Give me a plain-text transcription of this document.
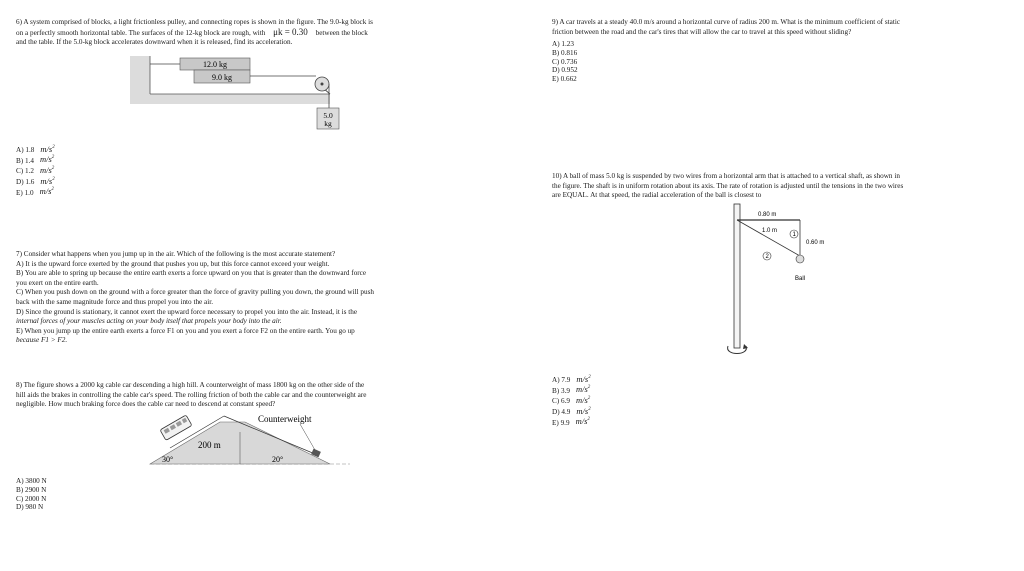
6) A system comprised of blocks, a light frictionless pulley, and connecting ropes is shown in the figure. The 9.0-kg block is

on a perfectly smooth horizontal table. The surfaces of the 12-kg block are rough, with μk = 0.30 between the block

and the table. If the 5.0-kg block accelerates downward when it is released, find its acceleration.

12.0 kg
9.0 kg
5.0
kg
A) 1.8 $m/s^2$
B) 1.4 $m/s^2$
C) 1.2 $m/s^2$
D) 1.6 $m/s^2$
E) 1.0 $m/s^2$

7) Consider what happens when you jump up in the air. Which of the following is the most accurate statement?

A) It is the upward force exerted by the ground that pushes you up, but this force cannot exceed your weight.

B) You are able to spring up because the entire earth exerts a force upward on you that is greater than the downward force

you exert on the entire earth.

C) When you push down on the ground with a force greater than the force of gravity pulling you down, the ground will push

back with the same magnitude force and thus propel you into the air.

D) Since the ground is stationary, it cannot exert the upward force necessary to propel you into the air. Instead, it is the

internal forces of your muscles acting on your body itself that propels your body into the air.

E) When you jump up the entire earth exerts a force F1 on you and you exert a force F2 on the entire earth. You go up

because F1 > F2.

8) The figure shows a 2000 kg cable car descending a high hill. A counterweight of mass 1800 kg on the other side of the

hill aids the brakes in controlling the cable car's speed. The rolling friction of both the cable car and the counterweight are

negligible. How much braking force does the cable car need to descend at constant speed?

Counterweight
200 m
30°	20°
A) 3800 N
B) 2900 N
C) 2000 N
D) 980 N

9) A car travels at a steady 40.0 m/s around a horizontal curve of radius 200 m. What is the minimum coefficient of static

friction between the road and the car's tires that will allow the car to travel at this speed without sliding?

A) 1.23
B) 0.816
C) 0.736
D) 0.952
E) 0.662

10) A ball of mass 5.0 kg is suspended by two wires from a horizontal arm that is attached to a vertical shaft, as shown in

the figure. The shaft is in uniform rotation about its axis. The rate of rotation is adjusted until the tensions in the two wires

are EQUAL. At that speed, the radial acceleration of the ball is closest to

0.80 m
1.0 m
0.60 m
1
2
Ball
A) 7.9 $m/s^2$
B) 3.9 $m/s^2$
C) 6.9 $m/s^2$
D) 4.9 $m/s^2$
E) 9.9 $m/s^2$
